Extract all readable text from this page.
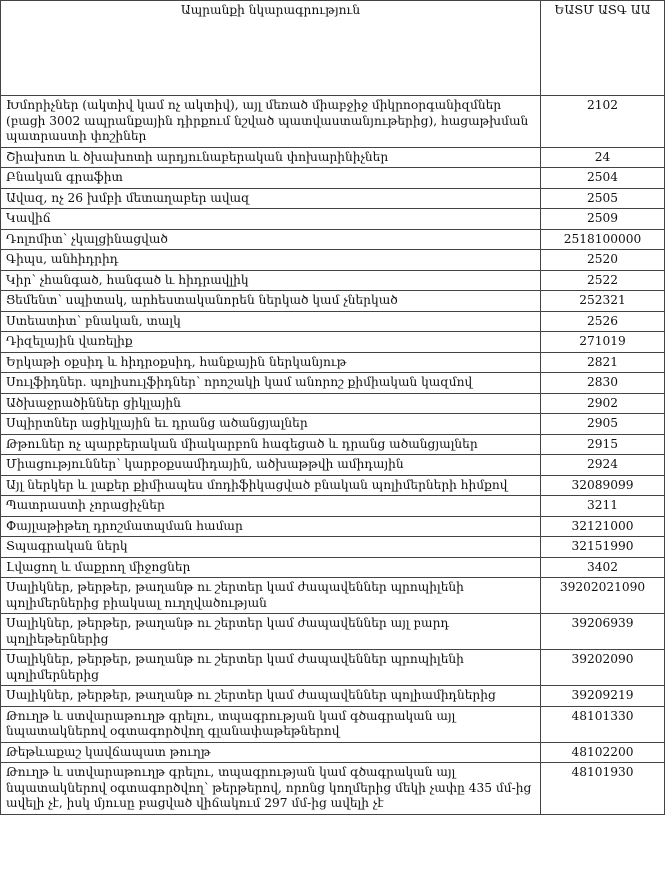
Ապրանքի նկարագրություն	ԵԱՏՄ ԱՏԳ ԱԱ
Խմորիչներ (ակտիվ կամ ոչ ակտիվ), այլ մեռած միաբջիջ միկրոօրգանիզմներ (բացի 3002 ապրանքային դիրքում նշված պատվաստանյութերից), հացաթխման պատրաստի փոշիներ	2102
Շիախոտ և ծխախոտի արդյունաբերական փոխարինիչներ	24
Բնական գրաֆիտ	2504
Ավազ, ոչ 26 խմբի մետաղաբեր ավազ	2505
Կավիճ	2509
Դոլոմիտ՝ չկալցինացված	2518100000
Գիպս, անհիդրիդ	2520
Կիր՝ չհանգած, հանգած և հիդրավլիկ	2522
Ցեմենտ՝ սպիտակ, արհեստականորեն ներկած կամ չներկած	252321
Ստեատիտ՝ բնական, տալկ	2526
Դիզելային վառելիք	271019
Երկաթի օքսիդ և հիդրօքսիդ, հանքային ներկանյութ	2821
Սուլֆիդներ. պոլիսուլֆիդներ՝ որոշակի կամ անորոշ քիմիական կազմով	2830
Ածխաջրածիններ ցիկլային	2902
Սպիրտներ ացիկլային եւ դրանց ածանցյալներ	2905
Թթուներ ոչ պարբերական միակարբոն հագեցած և դրանց ածանցյալներ	2915
Միացություններ՝ կարբօքսամիդային, ածխաթթվի ամիդային	2924
Այլ ներկեր և լաքեր քիմիապես մոդիֆիկացված բնական պոլիմերների հիմքով	32089099
Պատրաստի չորացիչներ	3211
Փայլաթիթեղ դրոշմատպման համար	32121000
Տպագրական ներկ	32151990
Լվացող և մաքրող միջոցներ	3402
Սալիկներ, թերթեր, թաղանթ ու շերտեր կամ ժապավեններ պրոպիլենի պոլիմերներից բիակսալ ուղղվածության	39202021090
Սալիկներ, թերթեր, թաղանթ ու շերտեր կամ ժապավեններ այլ բարդ պոլիեթերներից	39206939
Սալիկներ, թերթեր, թաղանթ ու շերտեր կամ ժապավեններ պրոպիլենի պոլիմերներից	39202090
Սալիկներ, թերթեր, թաղանթ ու շերտեր կամ ժապավեններ պոլիամիդներից	39209219
Թուղթ և ստվարաթուղթ գրելու, տպագրության կամ գծագրական այլ նպատակներով օգտագործվող գլանափաթեթներով	48101330
Թեթևաքաշ կավճապատ թուղթ	48102200
Թուղթ և ստվարաթուղթ գրելու, տպագրության կամ գծագրական այլ նպատակներով օգտագործվող՝ թերթերով, որոնց կողմերից մեկի չափը 435 մմ-ից ավելի չէ, իսկ մյուսը բացված վիճակում 297 մմ-ից ավելի չէ	48101930
